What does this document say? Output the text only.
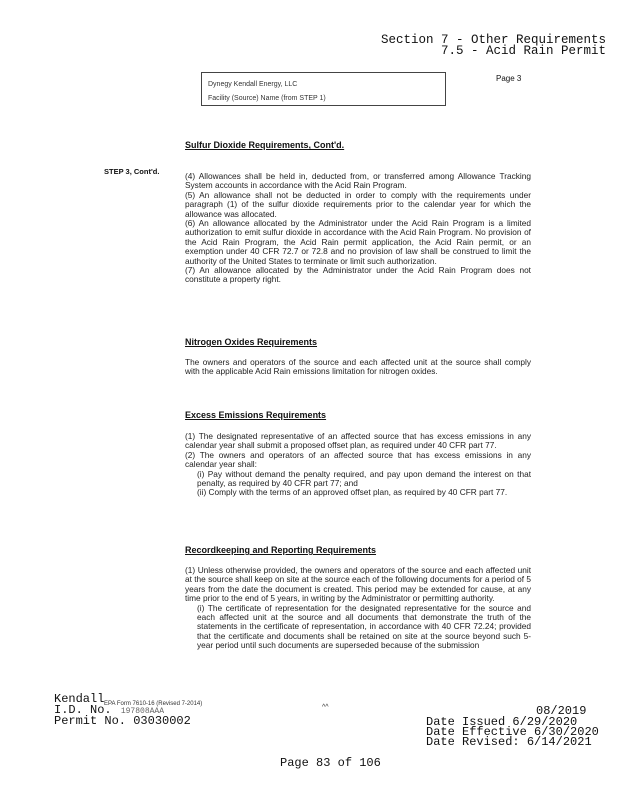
Section 7 - Other Requirements
7.5 - Acid Rain Permit
Dynegy Kendall Energy, LLC
Facility (Source) Name (from STEP 1)
Page 3
STEP 3, Cont'd.
Sulfur Dioxide Requirements, Cont'd.

(4) Allowances shall be held in, deducted from, or transferred among Allowance Tracking System accounts in accordance with the Acid Rain Program.

(5) An allowance shall not be deducted in order to comply with the requirements under paragraph (1) of the sulfur dioxide requirements prior to the calendar year for which the allowance was allocated.

(6) An allowance allocated by the Administrator under the Acid Rain Program is a limited authorization to emit sulfur dioxide in accordance with the Acid Rain Program. No provision of the Acid Rain Program, the Acid Rain permit application, the Acid Rain permit, or an exemption under 40 CFR 72.7 or 72.8 and no provision of law shall be construed to limit the authority of the United States to terminate or limit such authorization.

(7) An allowance allocated by the Administrator under the Acid Rain Program does not constitute a property right.

Nitrogen Oxides Requirements

The owners and operators of the source and each affected unit at the source shall comply with the applicable Acid Rain emissions limitation for nitrogen oxides.

Excess Emissions Requirements

(1) The designated representative of an affected source that has excess emissions in any calendar year shall submit a proposed offset plan, as required under 40 CFR part 77.

(2) The owners and operators of an affected source that has excess emissions in any calendar year shall:

(i) Pay without demand the penalty required, and pay upon demand the interest on that penalty, as required by 40 CFR part 77; and

(ii) Comply with the terms of an approved offset plan, as required by 40 CFR part 77.

Recordkeeping and Reporting Requirements

(1) Unless otherwise provided, the owners and operators of the source and each affected unit at the source shall keep on site at the source each of the following documents for a period of 5 years from the date the document is created. This period may be extended for cause, at any time prior to the end of 5 years, in writing by the Administrator or permitting authority.

(i) The certificate of representation for the designated representative for the source and each affected unit at the source and all documents that demonstrate the truth of the statements in the certificate of representation, in accordance with 40 CFR 72.24; provided that the certificate and documents shall be retained on site at the source beyond such 5-year period until such documents are superseded because of the submission

EPA Form 7610-16 (Revised 7-2014)	^^
Kendall
I.D. No. 197808AAA
Permit No. 03030002
08/2019
Date Issued 6/29/2020
Date Effective 6/30/2020
Date Revised: 6/14/2021
Page 83 of 106
